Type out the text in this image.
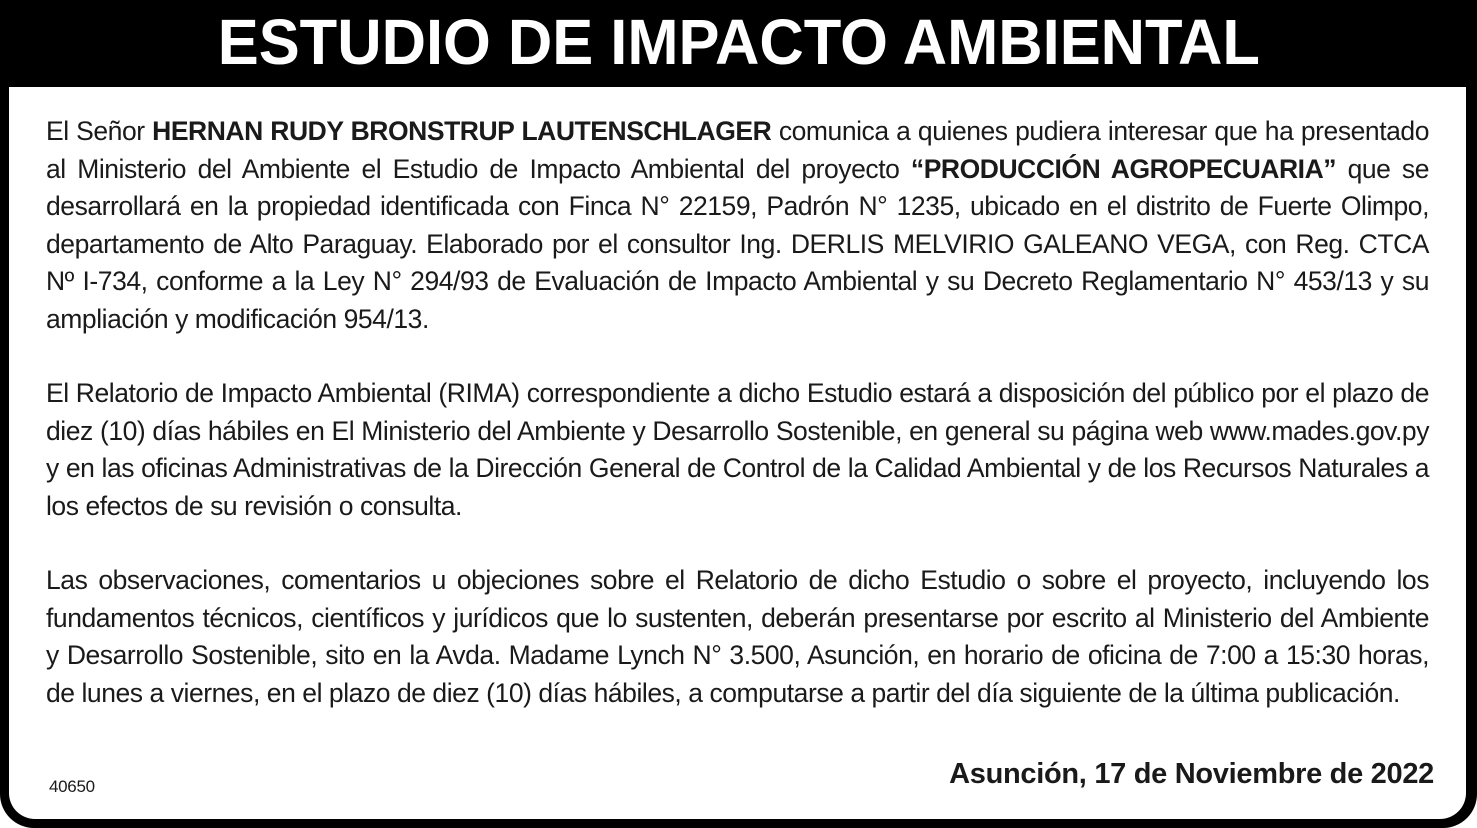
ESTUDIO DE IMPACTO AMBIENTAL
El Señor HERNAN RUDY BRONSTRUP LAUTENSCHLAGER comunica a quienes pudiera interesar que ha presentado al Ministerio del Ambiente el Estudio de Impacto Ambiental del proyecto “PRODUCCIÓN AGROPECUARIA” que se desarrollará en la propiedad identificada con Finca N° 22159, Padrón N° 1235, ubicado en el distrito de Fuerte Olimpo, departamento de Alto Paraguay. Elaborado por el consultor Ing. DERLIS MELVIRIO GALEANO VEGA, con Reg. CTCA Nº I-734, conforme a la Ley N° 294/93 de Evaluación de Impacto Ambiental y su Decreto Reglamentario N° 453/13 y su ampliación y modificación 954/13.
El Relatorio de Impacto Ambiental (RIMA) correspondiente a dicho Estudio estará a disposición del público por el plazo de diez (10) días hábiles en El Ministerio del Ambiente y Desarrollo Sostenible, en general su página web www.mades.gov.py y en las oficinas Administrativas de la Dirección General de Control de la Calidad Ambiental y de los Recursos Naturales a los efectos de su revisión o consulta.
Las observaciones, comentarios u objeciones sobre el Relatorio de dicho Estudio o sobre el proyecto, incluyendo los fundamentos técnicos, científicos y jurídicos que lo sustenten, deberán presentarse por escrito al Ministerio del Ambiente y Desarrollo Sostenible, sito en la Avda. Madame Lynch N° 3.500, Asunción, en horario de oficina de 7:00 a 15:30 horas, de lunes a viernes, en el plazo de diez (10) días hábiles, a computarse a partir del día siguiente de la última publicación.
40650	Asunción, 17 de Noviembre de 2022
